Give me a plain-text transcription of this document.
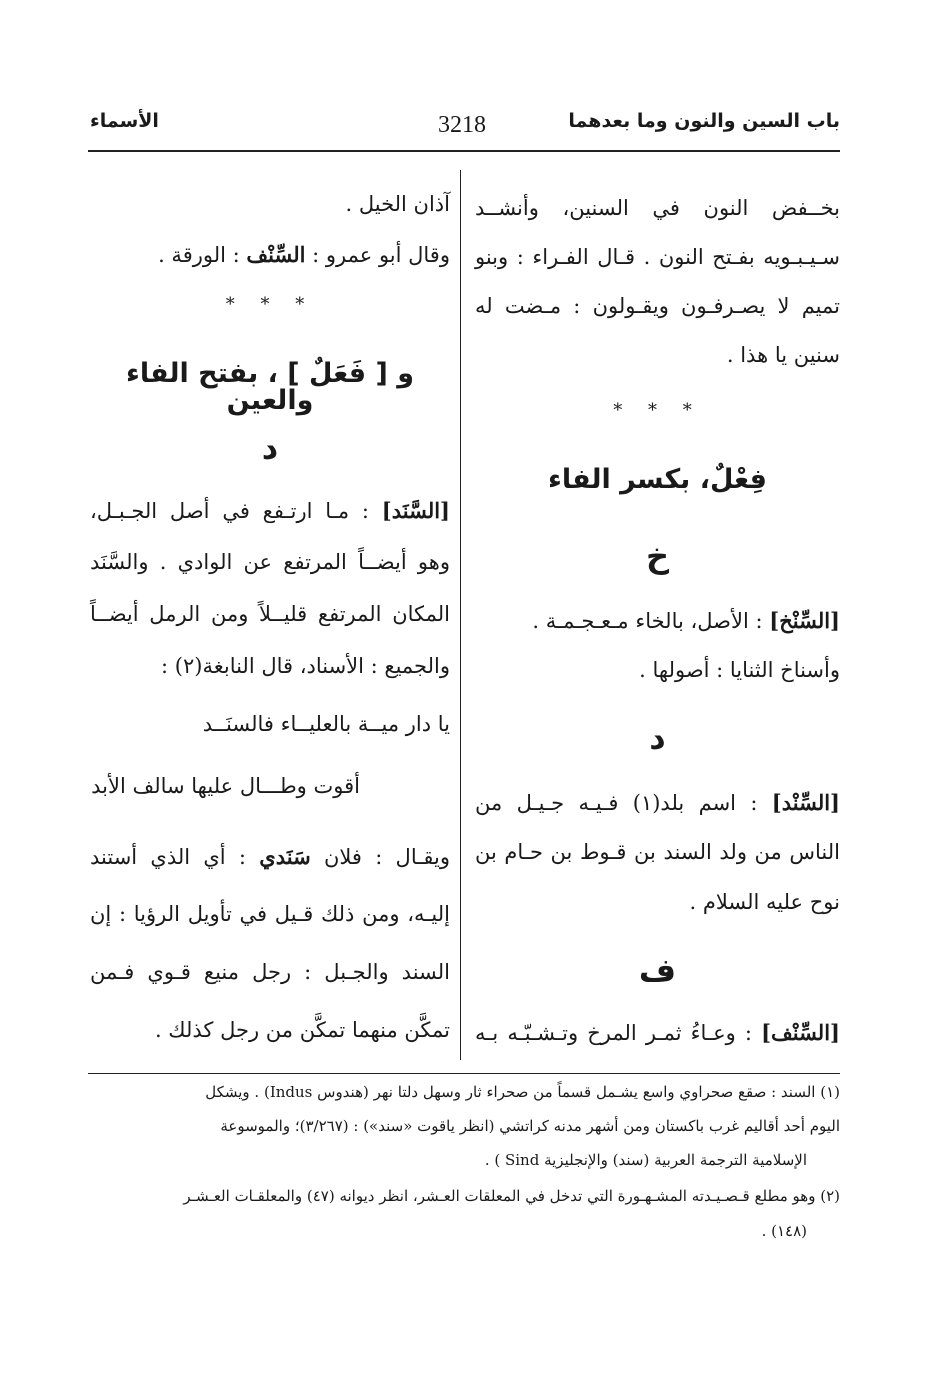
باب السين والنون وما بعدهما
3218
الأسماء
بخــفض النون في السنين، وأنشــد
سـيـبـويه بفـتح النون . قـال الفـراء : وبنو
تميم لا يصـرفـون ويقـولون : مـضت له
سنين يا هذا .
* * *
فِعْلٌ، بكسر الفاء
خ
[السِّنْخ] : الأصل، بالخاء مـعـجـمـة .
وأسناخ الثنايا : أصولها .
د
[السِّنْد] : اسم بلد(١) فـيـه جـيـل من
الناس من ولد السند بن قـوط بن حـام بن
نوح عليه السلام .
ف
[السِّنْف] : وعـاءُ ثمـر المرخ وتـشـبّـه بـه
آذان الخيل .
وقال أبو عمرو : السِّنْف : الورقة .
* * *
و [ فَعَلٌ ] ، بفتح الفاء والعين
د
[السَّنَد] : مـا ارتـفع في أصل الجـبـل،
وهو أيضــاً المرتفع عن الوادي . والسَّنَد
المكان المرتفع قليــلاً ومن الرمل أيضــاً
والجميع : الأسناد، قال النابغة(٢) :
يا دار ميــة بالعليــاء فالسنَــد
أقوت وطـــال عليها سالف الأبد
ويقـال : فلان سَنَدي : أي الذي أستند
إليـه، ومن ذلك قـيل في تأويل الرؤيا : إن
السند والجـبل : رجل منيع قـوي فـمن
تمكَّن منهما تمكَّن من رجل كذلك .
(١) السند : صقع صحراوي واسع يشـمل قسماً من صحراء ثار وسهل دلتا نهر (هندوس Indus) . ويشكل
اليوم أحد أقاليم غرب باكستان ومن أشهر مدنه كراتشي (انظر ياقوت «سند») : (٣/٢٦٧)؛ والموسوعة
الإسلامية الترجمة العربية (سند) والإنجليزية Sind ) .
(٢) وهو مطلع قـصـيـدته المشـهـورة التي تدخل في المعلقات العـشر، انظر ديوانه (٤٧) والمعلقـات العـشـر
(١٤٨) .
